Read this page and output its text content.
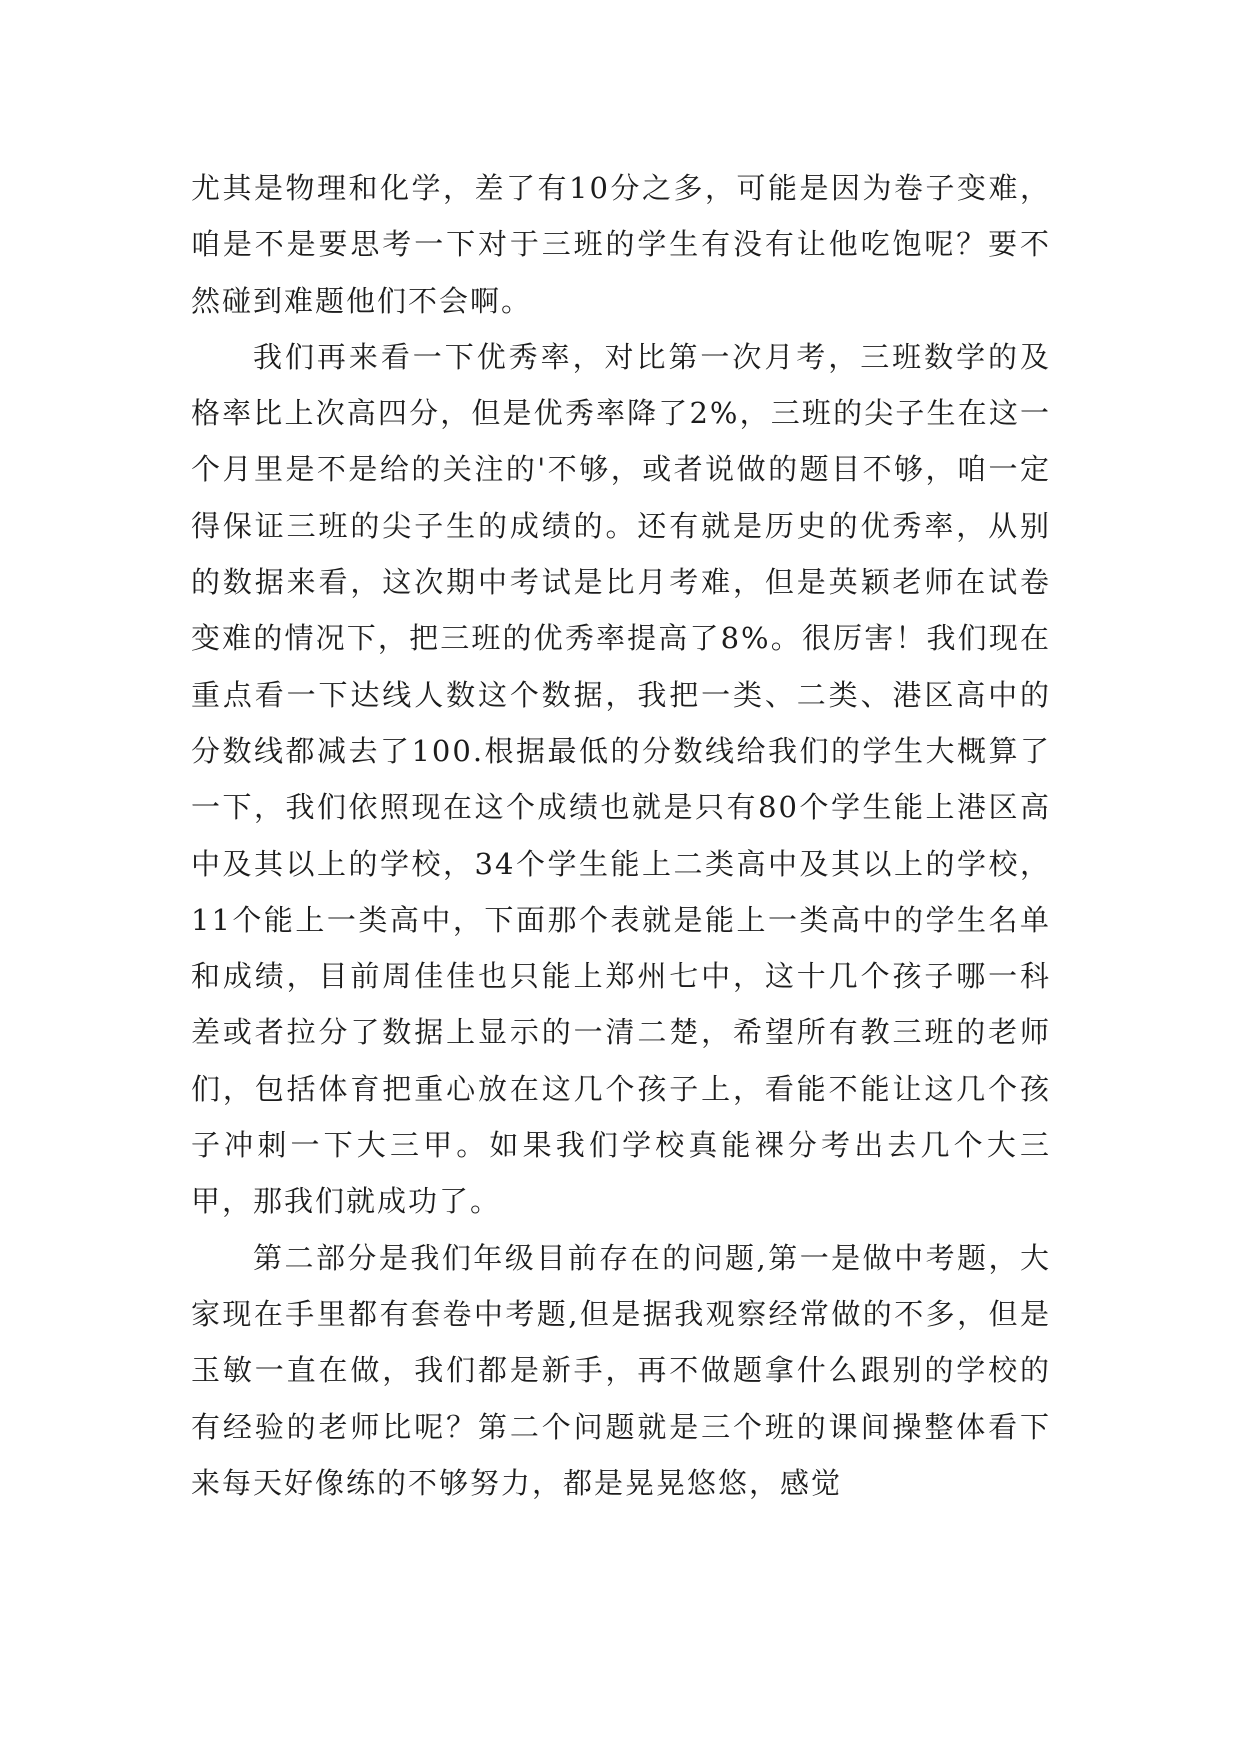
尤其是物理和化学，差了有10分之多，可能是因为卷子变难，咱是不是要思考一下对于三班的学生有没有让他吃饱呢？要不然碰到难题他们不会啊。

我们再来看一下优秀率，对比第一次月考，三班数学的及格率比上次高四分，但是优秀率降了2%，三班的尖子生在这一个月里是不是给的关注的'不够，或者说做的题目不够，咱一定得保证三班的尖子生的成绩的。还有就是历史的优秀率，从别的数据来看，这次期中考试是比月考难，但是英颖老师在试卷变难的情况下，把三班的优秀率提高了8%。很厉害！我们现在重点看一下达线人数这个数据，我把一类、二类、港区高中的分数线都减去了100.根据最低的分数线给我们的学生大概算了一下，我们依照现在这个成绩也就是只有80个学生能上港区高中及其以上的学校，34个学生能上二类高中及其以上的学校，11个能上一类高中，下面那个表就是能上一类高中的学生名单和成绩，目前周佳佳也只能上郑州七中，这十几个孩子哪一科差或者拉分了数据上显示的一清二楚，希望所有教三班的老师们，包括体育把重心放在这几个孩子上，看能不能让这几个孩子冲刺一下大三甲。如果我们学校真能裸分考出去几个大三甲，那我们就成功了。

第二部分是我们年级目前存在的问题,第一是做中考题，大家现在手里都有套卷中考题,但是据我观察经常做的不多，但是玉敏一直在做，我们都是新手，再不做题拿什么跟别的学校的有经验的老师比呢？第二个问题就是三个班的课间操整体看下来每天好像练的不够努力，都是晃晃悠悠，感觉
